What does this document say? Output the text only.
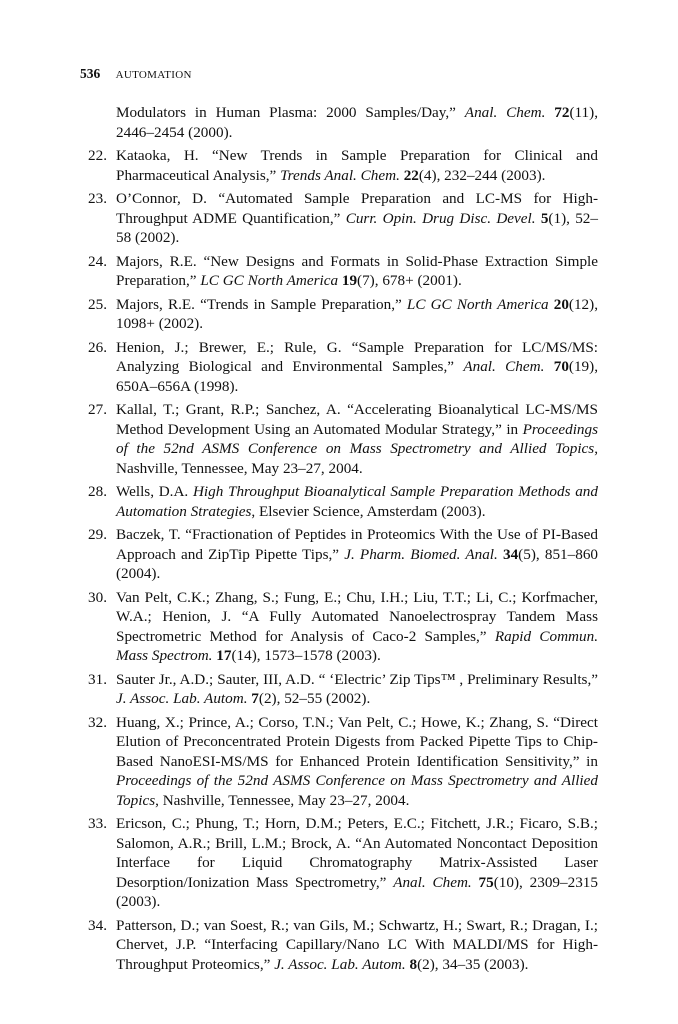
536 AUTOMATION
Modulators in Human Plasma: 2000 Samples/Day,” Anal. Chem. 72(11), 2446–2454 (2000).
22. Kataoka, H. “New Trends in Sample Preparation for Clinical and Pharmaceutical Analysis,” Trends Anal. Chem. 22(4), 232–244 (2003).
23. O’Connor, D. “Automated Sample Preparation and LC-MS for High-Throughput ADME Quantification,” Curr. Opin. Drug Disc. Devel. 5(1), 52–58 (2002).
24. Majors, R.E. “New Designs and Formats in Solid-Phase Extraction Simple Preparation,” LC GC North America 19(7), 678+ (2001).
25. Majors, R.E. “Trends in Sample Preparation,” LC GC North America 20(12), 1098+ (2002).
26. Henion, J.; Brewer, E.; Rule, G. “Sample Preparation for LC/MS/MS: Analyzing Biological and Environmental Samples,” Anal. Chem. 70(19), 650A–656A (1998).
27. Kallal, T.; Grant, R.P.; Sanchez, A. “Accelerating Bioanalytical LC-MS/MS Method Development Using an Automated Modular Strategy,” in Proceedings of the 52nd ASMS Conference on Mass Spectrometry and Allied Topics, Nashville, Tennessee, May 23–27, 2004.
28. Wells, D.A. High Throughput Bioanalytical Sample Preparation Methods and Automation Strategies, Elsevier Science, Amsterdam (2003).
29. Baczek, T. “Fractionation of Peptides in Proteomics With the Use of PI-Based Approach and ZipTip Pipette Tips,” J. Pharm. Biomed. Anal. 34(5), 851–860 (2004).
30. Van Pelt, C.K.; Zhang, S.; Fung, E.; Chu, I.H.; Liu, T.T.; Li, C.; Korfmacher, W.A.; Henion, J. “A Fully Automated Nanoelectrospray Tandem Mass Spectrometric Method for Analysis of Caco-2 Samples,” Rapid Commun. Mass Spectrom. 17(14), 1573–1578 (2003).
31. Sauter Jr., A.D.; Sauter, III, A.D. “ ‘Electric’ Zip Tips™ , Preliminary Results,” J. Assoc. Lab. Autom. 7(2), 52–55 (2002).
32. Huang, X.; Prince, A.; Corso, T.N.; Van Pelt, C.; Howe, K.; Zhang, S. “Direct Elution of Preconcentrated Protein Digests from Packed Pipette Tips to Chip-Based NanoESI-MS/MS for Enhanced Protein Identification Sensitivity,” in Proceedings of the 52nd ASMS Conference on Mass Spectrometry and Allied Topics, Nashville, Tennessee, May 23–27, 2004.
33. Ericson, C.; Phung, T.; Horn, D.M.; Peters, E.C.; Fitchett, J.R.; Ficaro, S.B.; Salomon, A.R.; Brill, L.M.; Brock, A. “An Automated Noncontact Deposition Interface for Liquid Chromatography Matrix-Assisted Laser Desorption/Ionization Mass Spectrometry,” Anal. Chem. 75(10), 2309–2315 (2003).
34. Patterson, D.; van Soest, R.; van Gils, M.; Schwartz, H.; Swart, R.; Dragan, I.; Chervet, J.P. “Interfacing Capillary/Nano LC With MALDI/MS for High-Throughput Proteomics,” J. Assoc. Lab. Autom. 8(2), 34–35 (2003).
